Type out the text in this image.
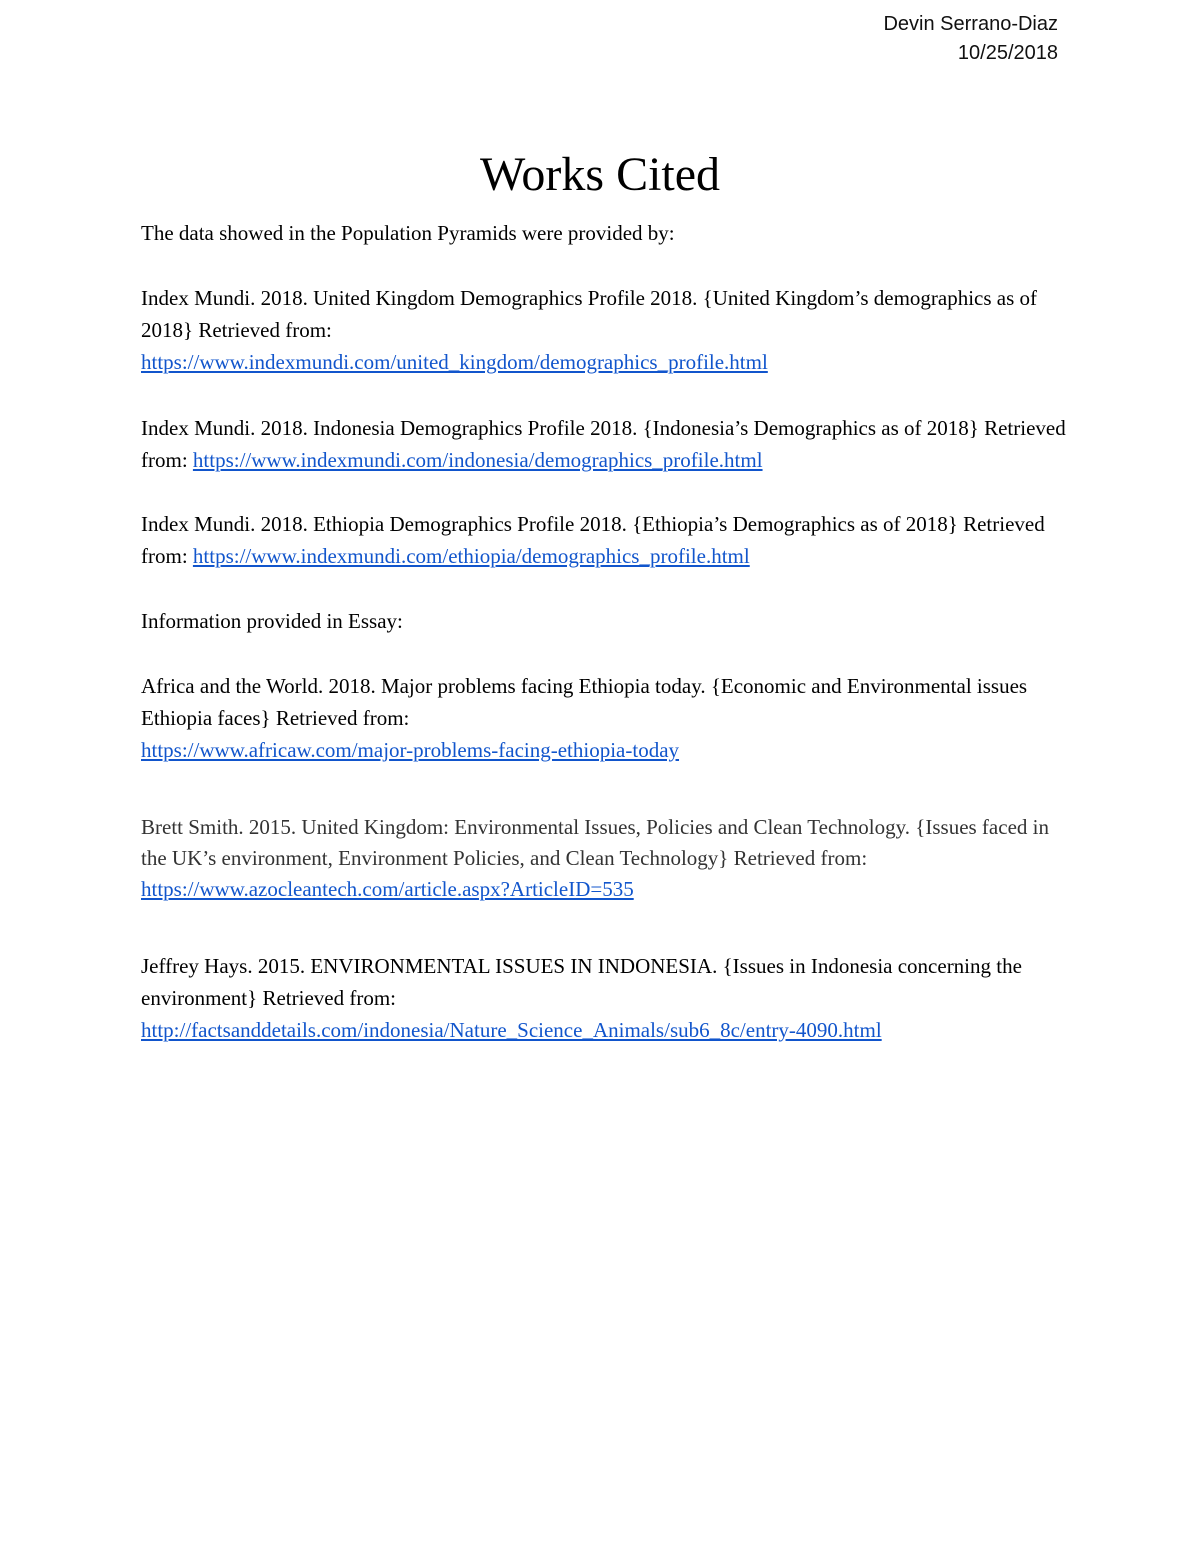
Devin Serrano-Diaz
10/25/2018
Works Cited

The data showed in the Population Pyramids were provided by:

Index Mundi. 2018. United Kingdom Demographics Profile 2018. {United Kingdom’s demographics as of 2018} Retrieved from:
https://www.indexmundi.com/united_kingdom/demographics_profile.html

Index Mundi. 2018. Indonesia Demographics Profile 2018. {Indonesia’s Demographics as of 2018} Retrieved from: https://www.indexmundi.com/indonesia/demographics_profile.html

Index Mundi. 2018. Ethiopia Demographics Profile 2018. {Ethiopia’s Demographics as of 2018} Retrieved from: https://www.indexmundi.com/ethiopia/demographics_profile.html

Information provided in Essay:

Africa and the World. 2018. Major problems facing Ethiopia today. {Economic and Environmental issues Ethiopia faces} Retrieved from:
https://www.africaw.com/major-problems-facing-ethiopia-today

Brett Smith. 2015. United Kingdom: Environmental Issues, Policies and Clean Technology. {Issues faced in the UK’s environment, Environment Policies, and Clean Technology} Retrieved from: https://www.azocleantech.com/article.aspx?ArticleID=535

Jeffrey Hays. 2015. ENVIRONMENTAL ISSUES IN INDONESIA. {Issues in Indonesia concerning the environment} Retrieved from:
http://factsanddetails.com/indonesia/Nature_Science_Animals/sub6_8c/entry-4090.html
